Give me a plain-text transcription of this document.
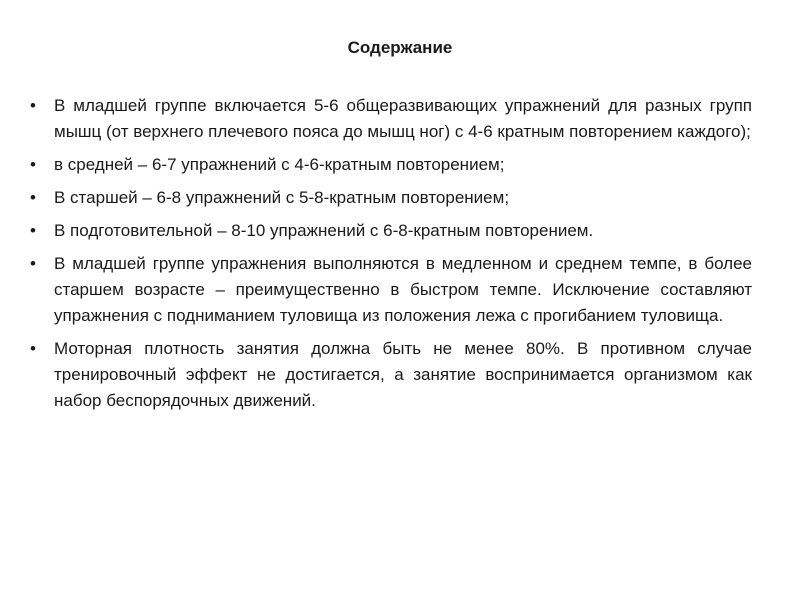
Содержание
•	В младшей группе включается 5-6 общеразвивающих упражнений для разных групп мышц (от верхнего плечевого пояса до мышц ног) с 4-6 кратным повторением каждого);
•	в средней – 6-7 упражнений с 4-6-кратным повторением;
•	В старшей – 6-8 упражнений с 5-8-кратным повторением;
•	В подготовительной – 8-10 упражнений с 6-8-кратным повторением.
•	В младшей группе упражнения выполняются в медленном и среднем темпе, в более старшем возрасте – преимущественно в быстром темпе. Исключение составляют упражнения с подниманием туловища из положения лежа с прогибанием туловища.
•	Моторная плотность занятия должна быть не менее 80%. В противном случае тренировочный эффект не достигается, а занятие воспринимается организмом как набор беспорядочных движений.
